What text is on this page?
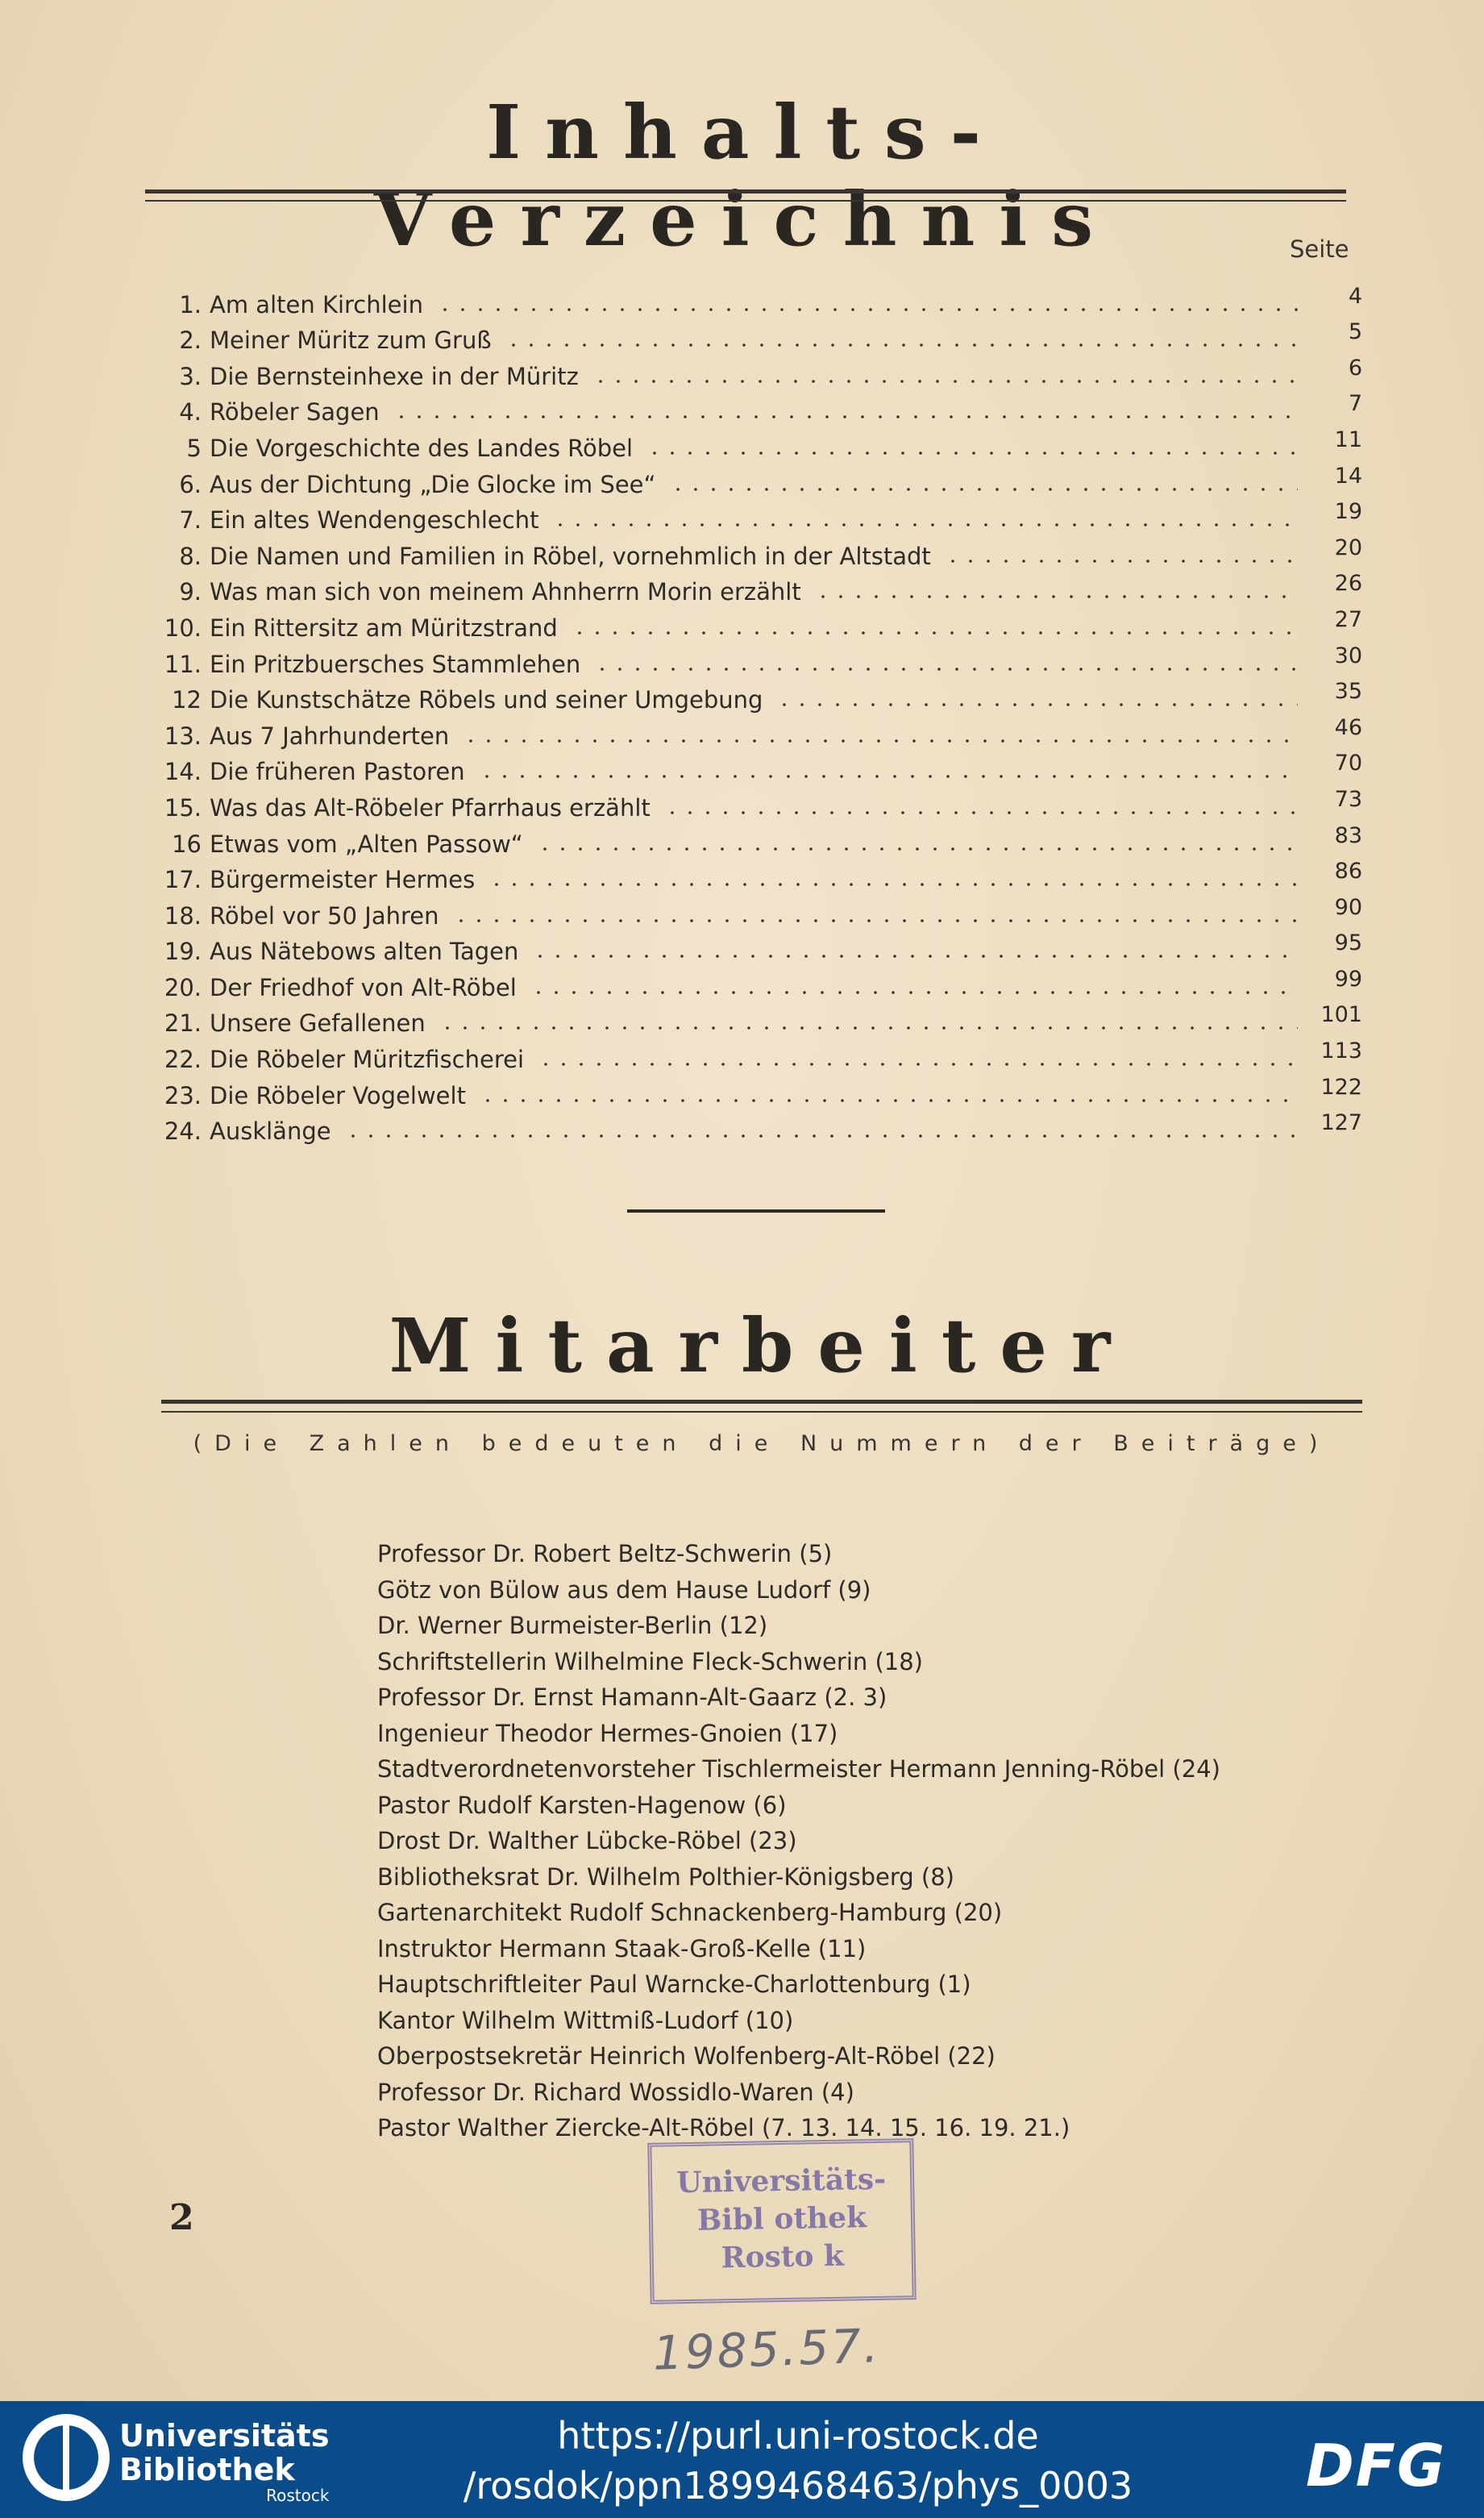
Inhalts-Verzeichnis	Seite
1. Am alten Kirchlein	4
2. Meiner Müritz zum Gruß	5
3. Die Bernsteinhexe in der Müritz	6
4. Röbeler Sagen	7
5 Die Vorgeschichte des Landes Röbel	11
6. Aus der Dichtung „Die Glocke im See“	14
7. Ein altes Wendengeschlecht	19
8. Die Namen und Familien in Röbel, vornehmlich in der Altstadt	20
9. Was man sich von meinem Ahnherrn Morin erzählt	26
10. Ein Rittersitz am Müritzstrand	27
11. Ein Pritzbuersches Stammlehen	30
12 Die Kunstschätze Röbels und seiner Umgebung	35
13. Aus 7 Jahrhunderten	46
14. Die früheren Pastoren	70
15. Was das Alt-Röbeler Pfarrhaus erzählt	73
16 Etwas vom „Alten Passow“	83
17. Bürgermeister Hermes	86
18. Röbel vor 50 Jahren	90
19. Aus Nätebows alten Tagen	95
20. Der Friedhof von Alt-Röbel	99
21. Unsere Gefallenen	101
22. Die Röbeler Müritzfischerei	113
23. Die Röbeler Vogelwelt	122
24. Ausklänge	127
Mitarbeiter
(Die Zahlen bedeuten die Nummern der Beiträge)
Professor Dr. Robert Beltz-Schwerin (5)
Götz von Bülow aus dem Hause Ludorf (9)
Dr. Werner Burmeister-Berlin (12)
Schriftstellerin Wilhelmine Fleck-Schwerin (18)
Professor Dr. Ernst Hamann-Alt-Gaarz (2. 3)
Ingenieur Theodor Hermes-Gnoien (17)
Stadtverordnetenvorsteher Tischlermeister Hermann Jenning-Röbel (24)
Pastor Rudolf Karsten-Hagenow (6)
Drost Dr. Walther Lübcke-Röbel (23)
Bibliotheksrat Dr. Wilhelm Polthier-Königsberg (8)
Gartenarchitekt Rudolf Schnackenberg-Hamburg (20)
Instruktor Hermann Staak-Groß-Kelle (11)
Hauptschriftleiter Paul Warncke-Charlottenburg (1)
Kantor Wilhelm Wittmiß-Ludorf (10)
Oberpostsekretär Heinrich Wolfenberg-Alt-Röbel (22)
Professor Dr. Richard Wossidlo-Waren (4)
Pastor Walther Ziercke-Alt-Röbel (7. 13. 14. 15. 16. 19. 21.)
2
Universitäts-
Bibl othek
Rosto k
1985.57.
Universitäts
Bibliothek
Rostock
https://purl.uni-rostock.de
/rosdok/ppn1899468463/phys_0003	DFG
